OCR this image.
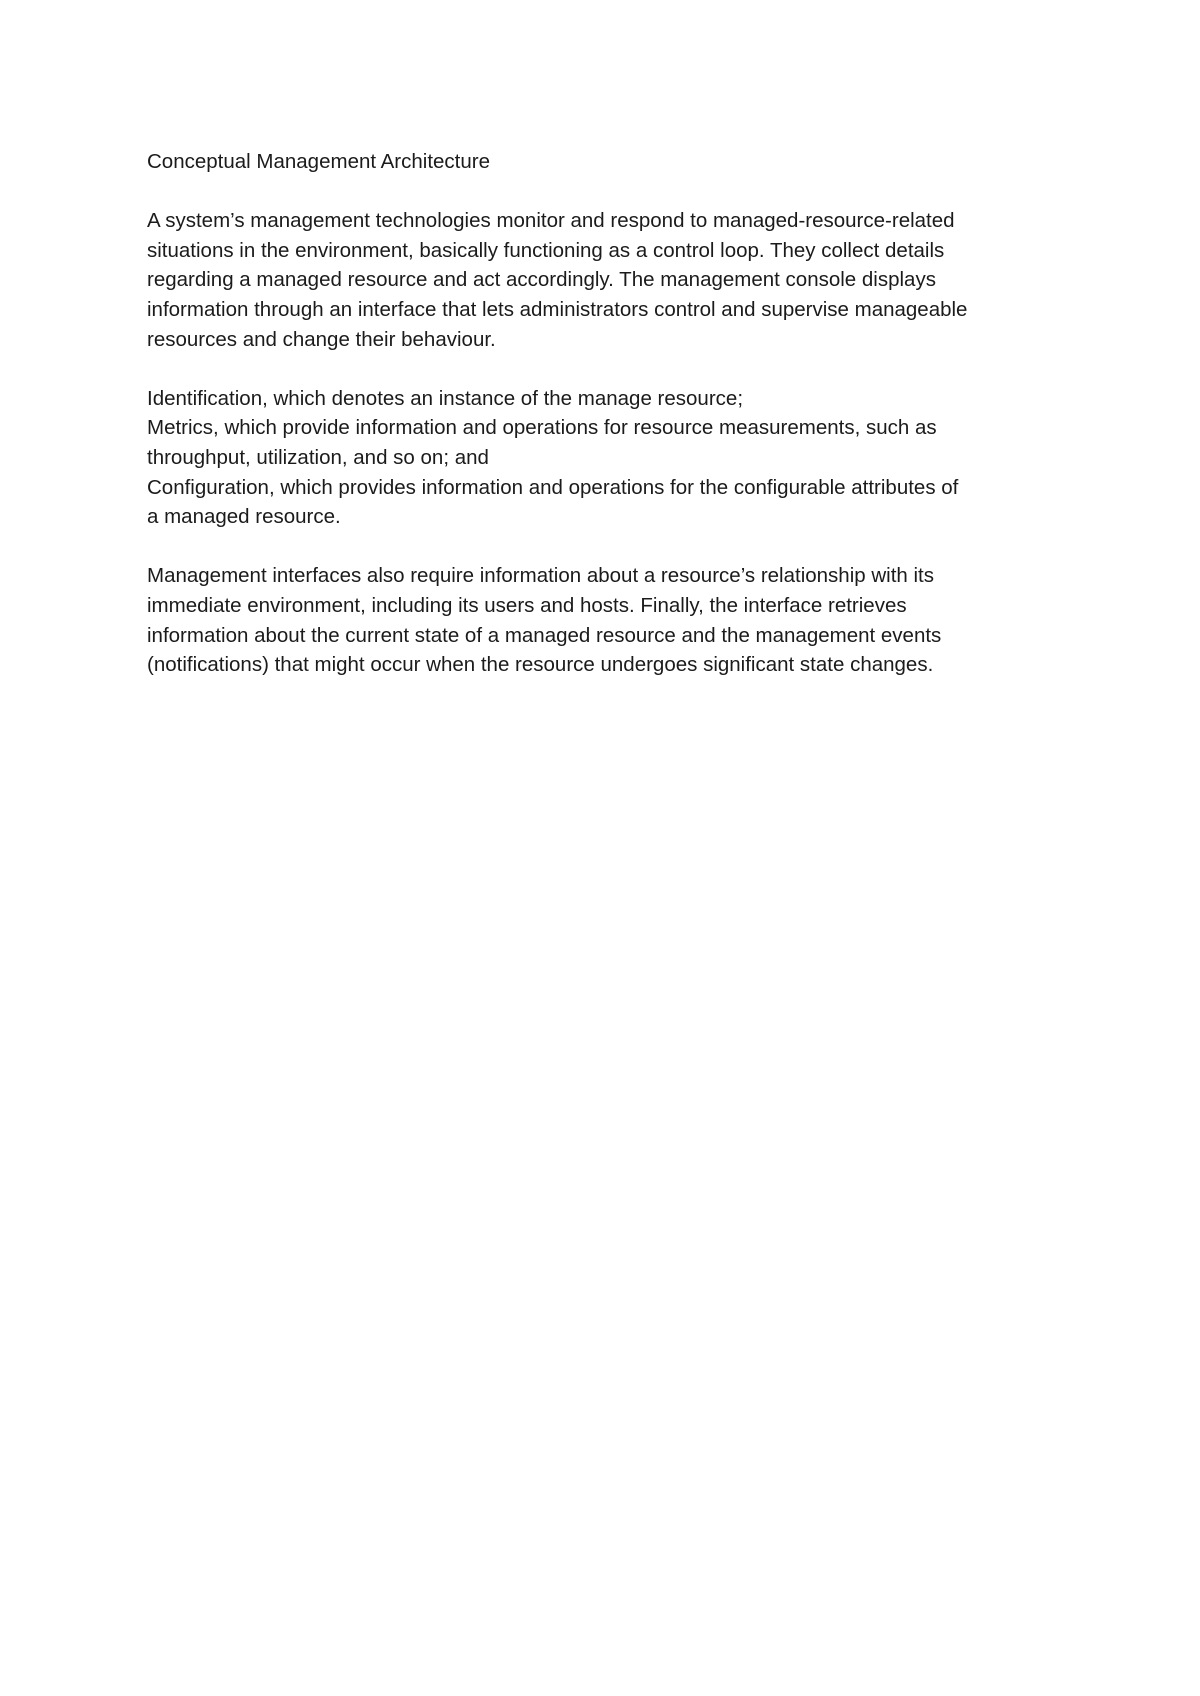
Conceptual Management Architecture

A system’s management technologies monitor and respond to managed-resource-related
situations in the environment, basically functioning as a control loop. They collect details
regarding a managed resource and act accordingly. The management console displays
information through an interface that lets administrators control and supervise manageable
resources and change their behaviour.

Identification, which denotes an instance of the manage resource;
Metrics, which provide information and operations for resource measurements, such as
throughput, utilization, and so on; and
Configuration, which provides information and operations for the configurable attributes of
a managed resource.

Management interfaces also require information about a resource’s relationship with its
immediate environment, including its users and hosts. Finally, the interface retrieves
information about the current state of a managed resource and the management events
(notifications) that might occur when the resource undergoes significant state changes.
